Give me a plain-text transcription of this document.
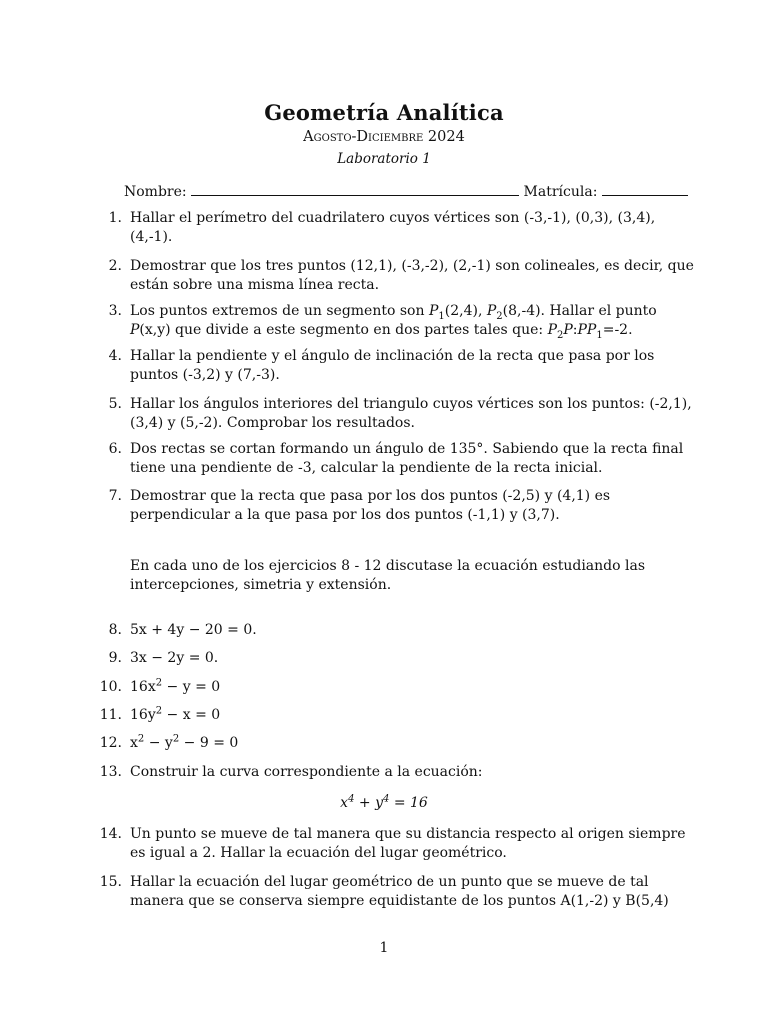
Geometría Analítica
Agosto-Diciembre 2024
Laboratorio 1
Nombre:	Matrícula:
1. Hallar el perímetro del cuadrilatero cuyos vértices son (-3,-1), (0,3), (3,4), (4,-1).
2. Demostrar que los tres puntos (12,1), (-3,-2), (2,-1) son colineales, es decir, que están sobre una misma línea recta.
3. Los puntos extremos de un segmento son $P_1(2,4)$, $P_2(8,-4)$. Hallar el punto P(x,y) que divide a este segmento en dos partes tales que: $P_2P:PP_1=-2$.
4. Hallar la pendiente y el ángulo de inclinación de la recta que pasa por los puntos (-3,2) y (7,-3).
5. Hallar los ángulos interiores del triangulo cuyos vértices son los puntos: (-2,1), (3,4) y (5,-2). Comprobar los resultados.
6. Dos rectas se cortan formando un ángulo de 135°. Sabiendo que la recta final tiene una pendiente de -3, calcular la pendiente de la recta inicial.
7. Demostrar que la recta que pasa por los dos puntos (-2,5) y (4,1) es perpendicular a la que pasa por los dos puntos (-1,1) y (3,7).
En cada uno de los ejercicios 8 - 12 discutase la ecuación estudiando las intercepciones, simetria y extensión.
8. 5x + 4y − 20 = 0.
9. 3x − 2y = 0.
10. $16x^2 - y = 0$
11. $16y^2 - x = 0$
12. $x^2 - y^2 - 9 = 0$
13. Construir la curva correspondiente a la ecuación:
$x^4 + y^4 = 16$
14. Un punto se mueve de tal manera que su distancia respecto al origen siempre es igual a 2. Hallar la ecuación del lugar geométrico.
15. Hallar la ecuación del lugar geométrico de un punto que se mueve de tal manera que se conserva siempre equidistante de los puntos A(1,-2) y B(5,4)
1
